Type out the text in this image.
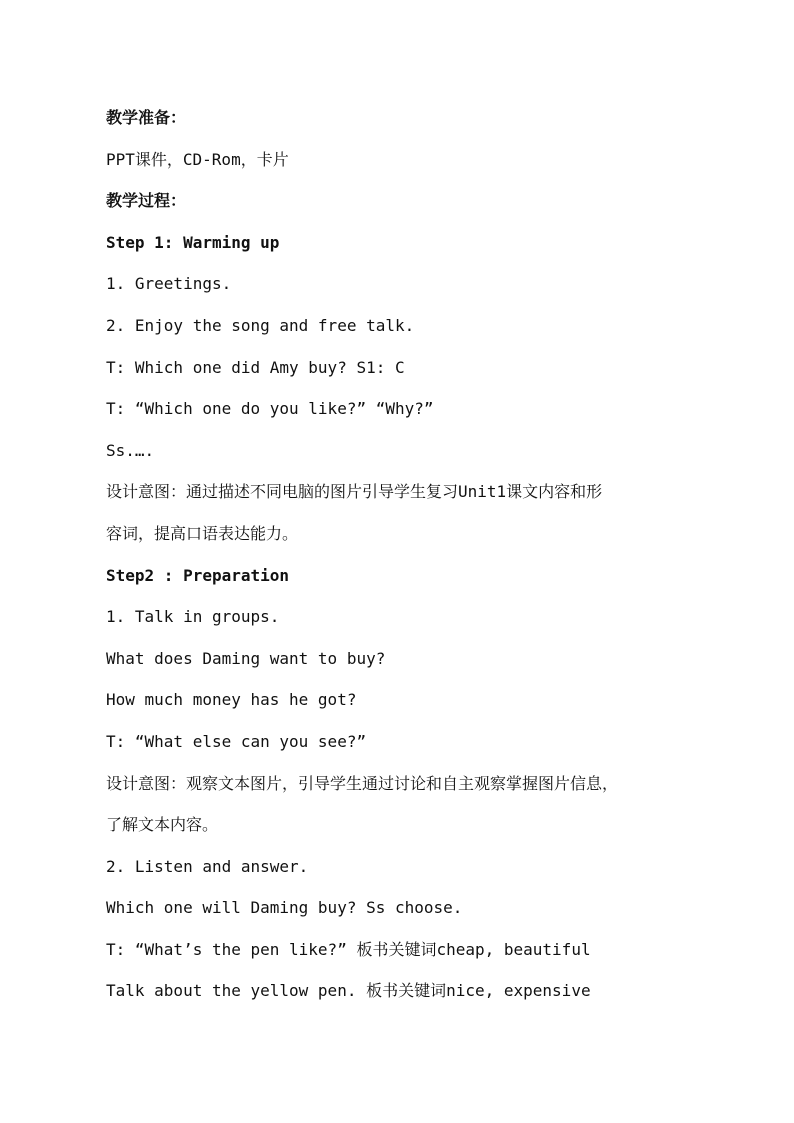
教学准备：
PPT课件，CD-Rom，卡片
教学过程：
Step 1: Warming up
1. Greetings.
2. Enjoy the song and free talk.
T: Which one did Amy buy? S1: C
T: “Which one do you like?” “Why?”
Ss.….
设计意图：通过描述不同电脑的图片引导学生复习Unit1课文内容和形
容词，提高口语表达能力。
Step2 : Preparation
1. Talk in groups.
What does Daming want to buy?
How much money has he got?
T: “What else can you see?”
设计意图：观察文本图片，引导学生通过讨论和自主观察掌握图片信息，
了解文本内容。
2. Listen and answer.
Which one will Daming buy? Ss choose.
T: “What’s the pen like?” 板书关键词cheap, beautiful
Talk about the yellow pen. 板书关键词nice, expensive
